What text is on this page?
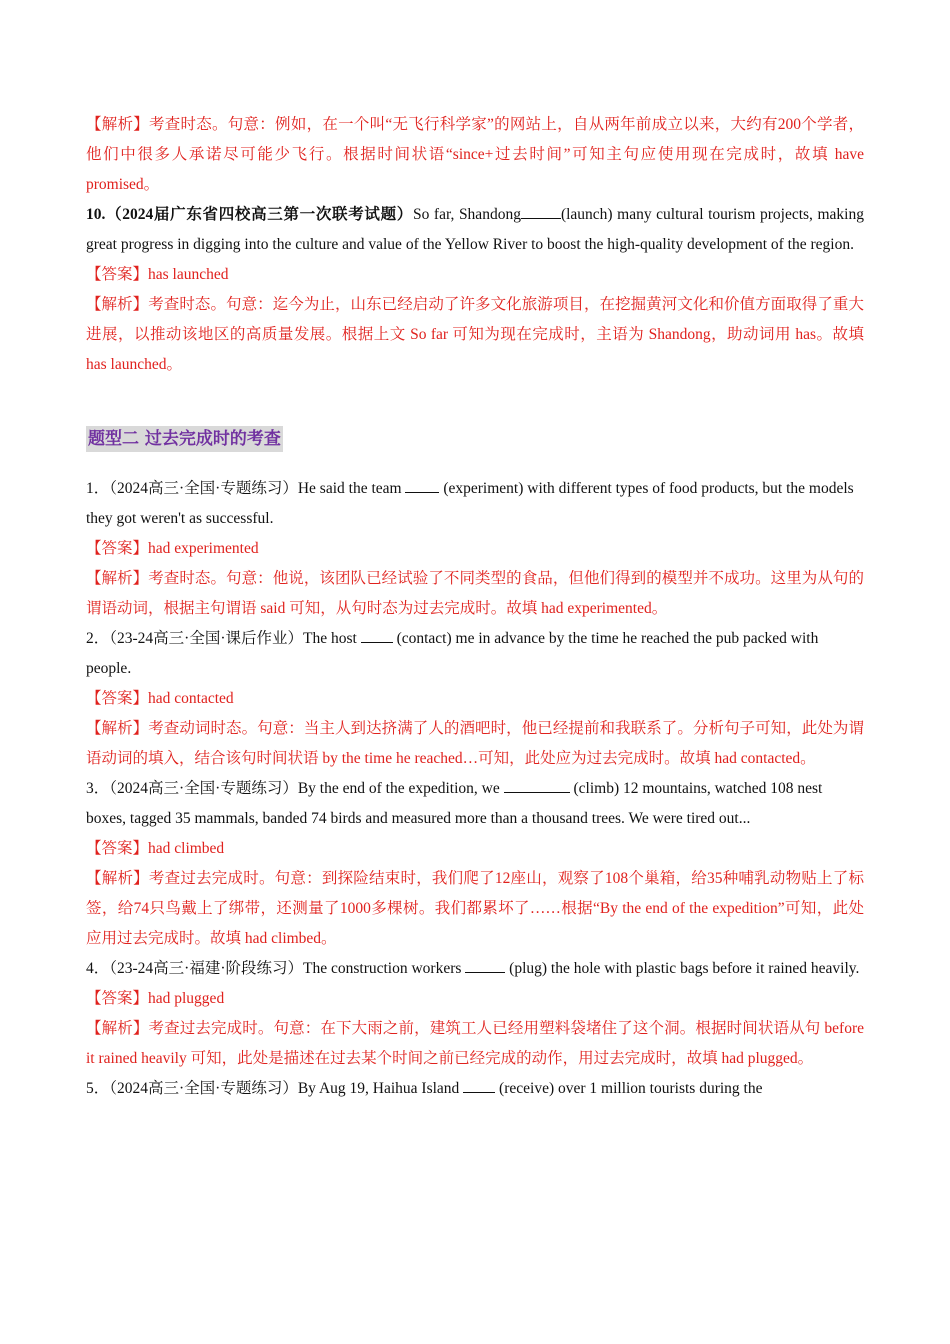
【解析】考查时态。句意：例如，在一个叫“无飞行科学家”的网站上，自从两年前成立以来，大约有200个学者，他们中很多人承诺尽可能少飞行。根据时间状语“since+过去时间”可知主句应使用现在完成时，故填 have promised。

10.（2024届广东省四校高三第一次联考试题）So far, Shandong	(launch) many cultural tourism projects, making great progress in digging into the culture and value of the Yellow River to boost the high-quality development of the region.

【答案】has launched

【解析】考查时态。句意：迄今为止，山东已经启动了许多文化旅游项目，在挖掘黄河文化和价值方面取得了重大进展，以推动该地区的高质量发展。根据上文 So far 可知为现在完成时，主语为 Shandong，助动词用 has。故填 has launched。

题型二 过去完成时的考查

1．（2024高三·全国·专题练习）He said the team	(experiment) with different types of food products, but the models they got weren't as successful.

【答案】had experimented

【解析】考查时态。句意：他说，该团队已经试验了不同类型的食品，但他们得到的模型并不成功。这里为从句的谓语动词，根据主句谓语 said 可知，从句时态为过去完成时。故填 had experimented。

2．（23-24高三·全国·课后作业）The host	(contact) me in advance by the time he reached the pub packed with people.

【答案】had contacted

【解析】考查动词时态。句意：当主人到达挤满了人的酒吧时，他已经提前和我联系了。分析句子可知，此处为谓语动词的填入，结合该句时间状语 by the time he reached…可知，此处应为过去完成时。故填 had contacted。

3．（2024高三·全国·专题练习）By the end of the expedition, we	(climb) 12 mountains, watched 108 nest boxes, tagged 35 mammals, banded 74 birds and measured more than a thousand trees. We were tired out...

【答案】had climbed

【解析】考查过去完成时。句意：到探险结束时，我们爬了12座山，观察了108个巢箱，给35种哺乳动物贴上了标签，给74只鸟戴上了绑带，还测量了1000多棵树。我们都累坏了……根据“By the end of the expedition”可知，此处应用过去完成时。故填 had climbed。

4．（23-24高三·福建·阶段练习）The construction workers	(plug) the hole with plastic bags before it rained heavily.

【答案】had plugged

【解析】考查过去完成时。句意：在下大雨之前，建筑工人已经用塑料袋堵住了这个洞。根据时间状语从句 before it rained heavily 可知，此处是描述在过去某个时间之前已经完成的动作，用过去完成时，故填 had plugged。

5．（2024高三·全国·专题练习）By Aug 19, Haihua Island	(receive) over 1 million tourists during the
